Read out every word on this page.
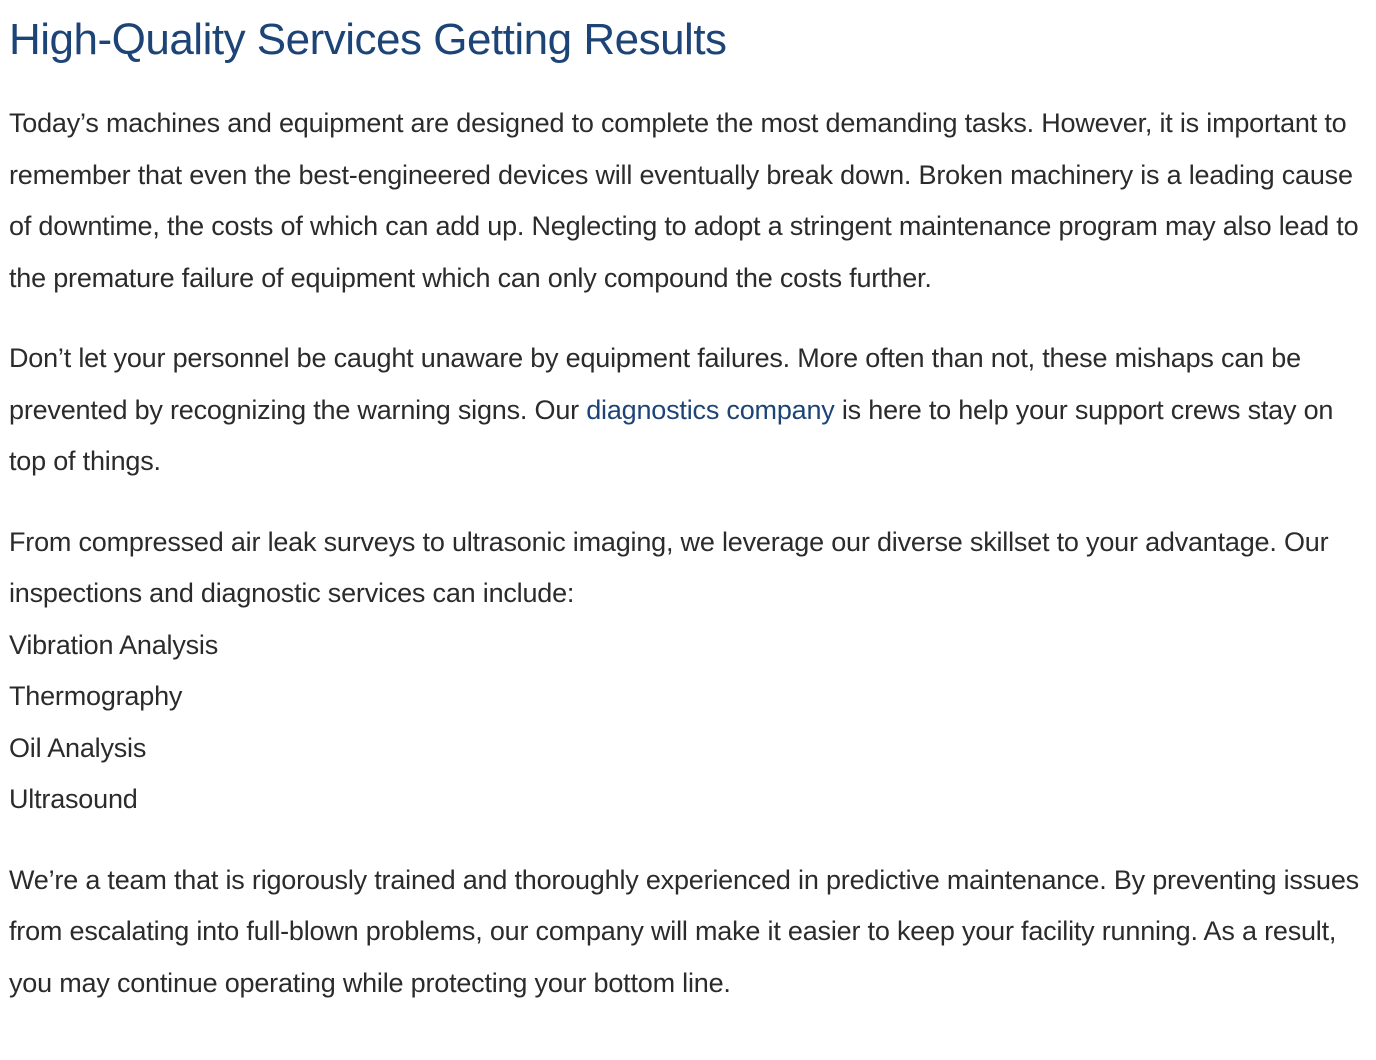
High-Quality Services Getting Results

Today’s machines and equipment are designed to complete the most demanding tasks. However, it is important to remember that even the best-engineered devices will eventually break down. Broken machinery is a leading cause of downtime, the costs of which can add up. Neglecting to adopt a stringent maintenance program may also lead to the premature failure of equipment which can only compound the costs further.

Don’t let your personnel be caught unaware by equipment failures. More often than not, these mishaps can be prevented by recognizing the warning signs. Our diagnostics company is here to help your support crews stay on top of things.

From compressed air leak surveys to ultrasonic imaging, we leverage our diverse skillset to your advantage. Our inspections and diagnostic services can include:

Vibration Analysis
Thermography
Oil Analysis
Ultrasound

We’re a team that is rigorously trained and thoroughly experienced in predictive maintenance. By preventing issues from escalating into full-blown problems, our company will make it easier to keep your facility running. As a result, you may continue operating while protecting your bottom line.
